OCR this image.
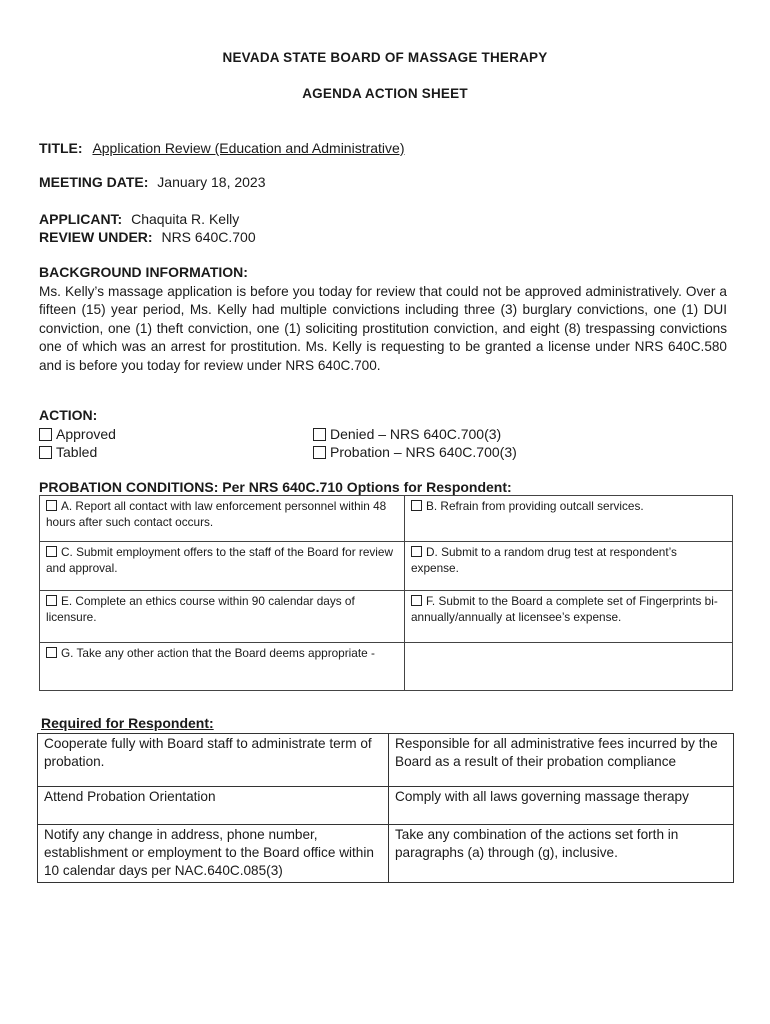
NEVADA STATE BOARD OF MASSAGE THERAPY
AGENDA ACTION SHEET
TITLE: Application Review (Education and Administrative)
MEETING DATE: January 18, 2023
APPLICANT: Chaquita R. Kelly
REVIEW UNDER: NRS 640C.700
BACKGROUND INFORMATION:
Ms. Kelly’s massage application is before you today for review that could not be approved administratively. Over a fifteen (15) year period, Ms. Kelly had multiple convictions including three (3) burglary convictions, one (1) DUI conviction, one (1) theft conviction, one (1) soliciting prostitution conviction, and eight (8) trespassing convictions one of which was an arrest for prostitution. Ms. Kelly is requesting to be granted a license under NRS 640C.580 and is before you today for review under NRS 640C.700.
ACTION:
Approved
Tabled
Denied – NRS 640C.700(3)
Probation – NRS 640C.700(3)
PROBATION CONDITIONS: Per NRS 640C.710 Options for Respondent:
A. Report all contact with law enforcement personnel within 48 hours after such contact occurs.	B. Refrain from providing outcall services.
C. Submit employment offers to the staff of the Board for review and approval.	D. Submit to a random drug test at respondent’s expense.
E. Complete an ethics course within 90 calendar days of licensure.	F. Submit to the Board a complete set of Fingerprints bi-annually/annually at licensee’s expense.
G. Take any other action that the Board deems appropriate -	
Required for Respondent:
Cooperate fully with Board staff to administrate term of probation.	Responsible for all administrative fees incurred by the Board as a result of their probation compliance
Attend Probation Orientation	Comply with all laws governing massage therapy
Notify any change in address, phone number, establishment or employment to the Board office within 10 calendar days per NAC.640C.085(3)	Take any combination of the actions set forth in paragraphs (a) through (g), inclusive.
